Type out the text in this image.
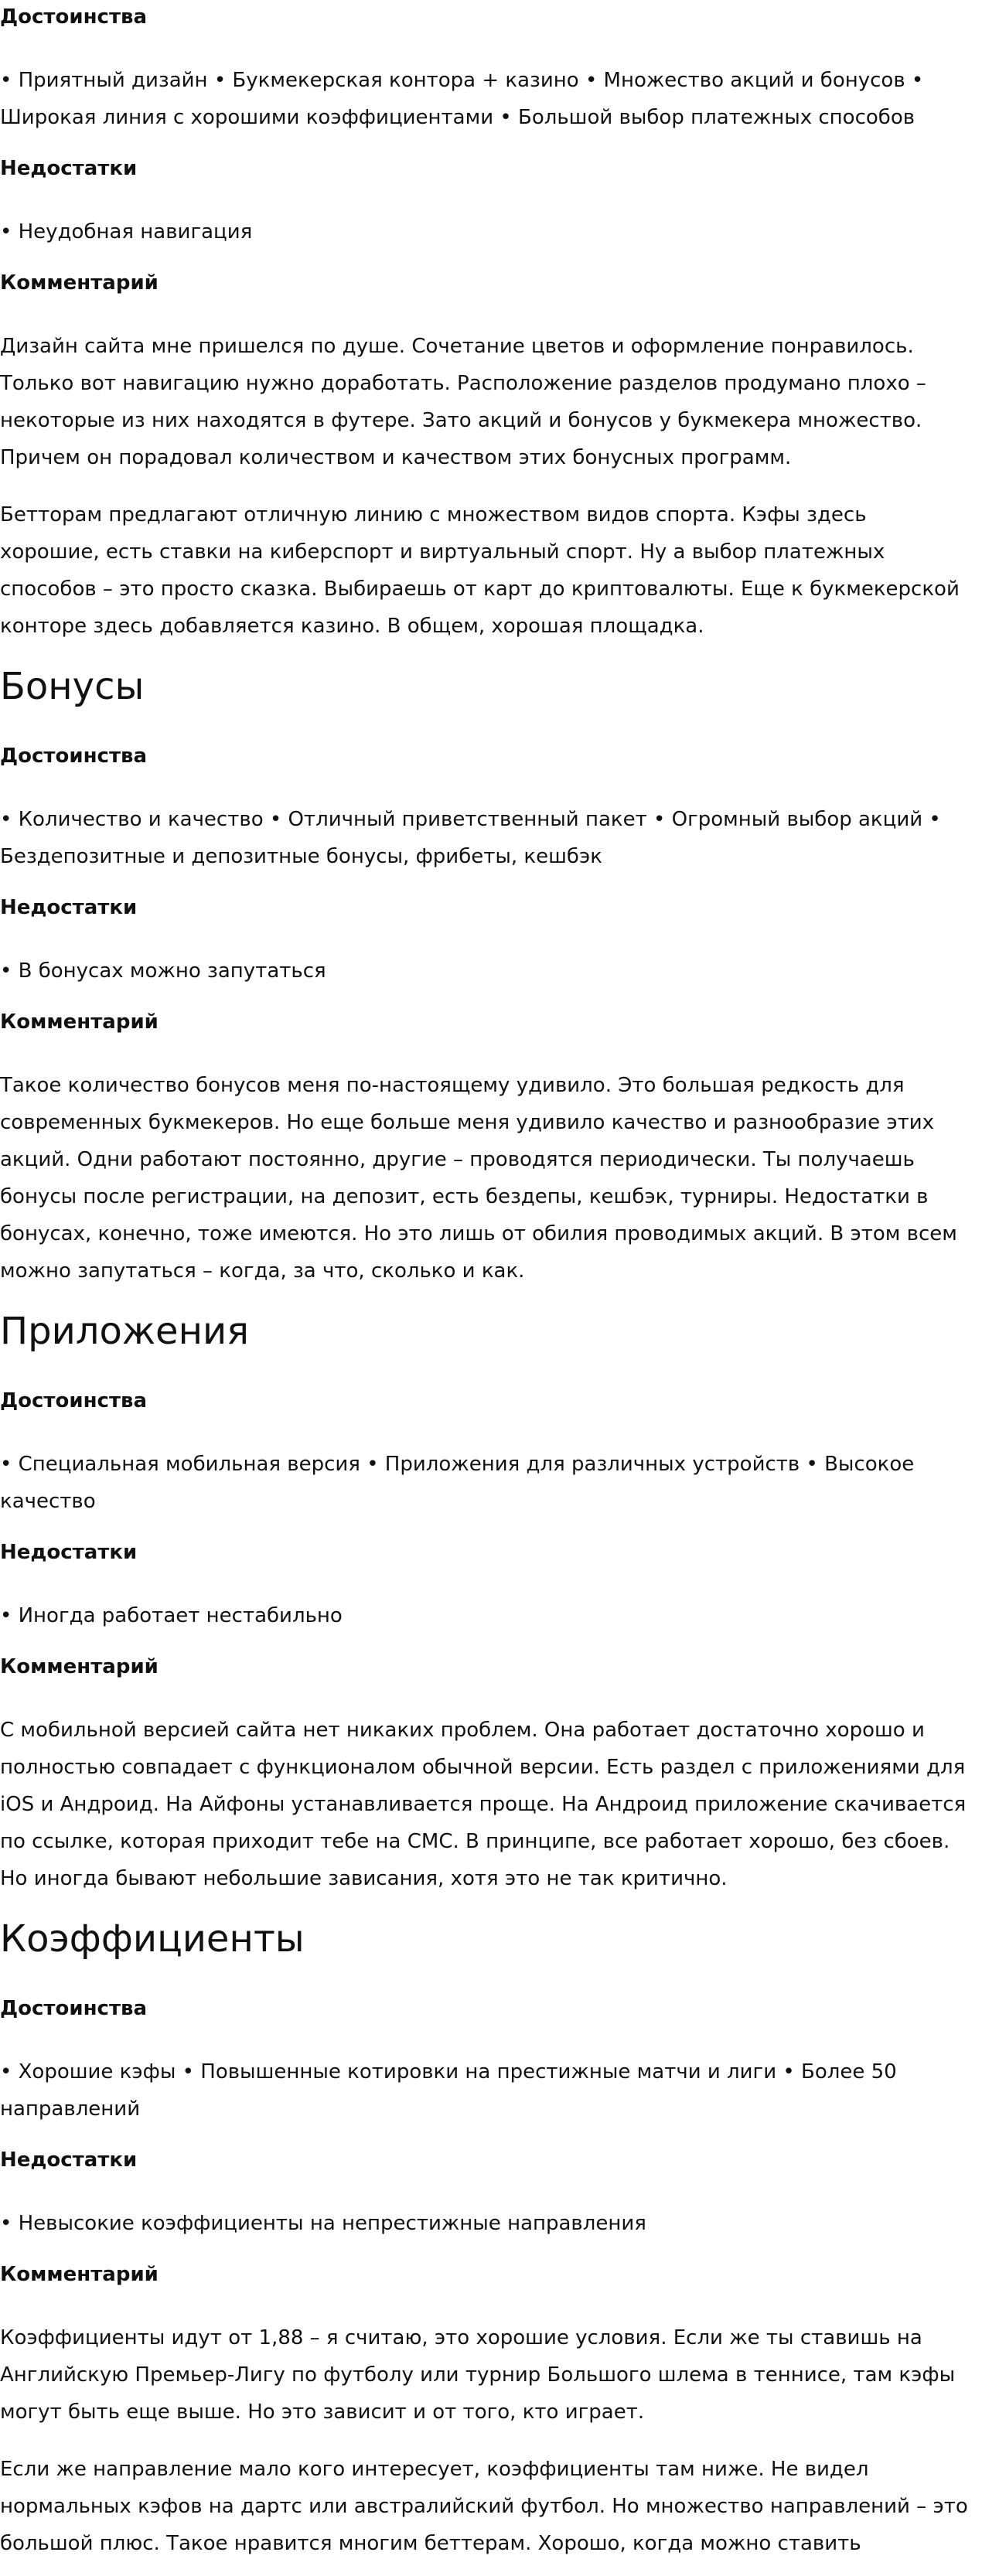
Достоинства

• Приятный дизайн • Букмекерская контора + казино • Множество акций и бонусов • Широкая линия с хорошими коэффициентами • Большой выбор платежных способов

Недостатки

• Неудобная навигация

Комментарий

Дизайн сайта мне пришелся по душе. Сочетание цветов и оформление понравилось. Только вот навигацию нужно доработать. Расположение разделов продумано плохо – некоторые из них находятся в футере. Зато акций и бонусов у букмекера множество. Причем он порадовал количеством и качеством этих бонусных программ.

Бетторам предлагают отличную линию с множеством видов спорта. Кэфы здесь хорошие, есть ставки на киберспорт и виртуальный спорт. Ну а выбор платежных способов – это просто сказка. Выбираешь от карт до криптовалюты. Еще к букмекерской конторе здесь добавляется казино. В общем, хорошая площадка.

Бонусы
Достоинства

• Количество и качество • Отличный приветственный пакет • Огромный выбор акций • Бездепозитные и депозитные бонусы, фрибеты, кешбэк

Недостатки

• В бонусах можно запутаться

Комментарий

Такое количество бонусов меня по-настоящему удивило. Это большая редкость для современных букмекеров. Но еще больше меня удивило качество и разнообразие этих акций. Одни работают постоянно, другие – проводятся периодически. Ты получаешь бонусы после регистрации, на депозит, есть бездепы, кешбэк, турниры. Недостатки в бонусах, конечно, тоже имеются. Но это лишь от обилия проводимых акций. В этом всем можно запутаться – когда, за что, сколько и как.

Приложения
Достоинства

• Специальная мобильная версия • Приложения для различных устройств • Высокое качество

Недостатки

• Иногда работает нестабильно

Комментарий

С мобильной версией сайта нет никаких проблем. Она работает достаточно хорошо и полностью совпадает с функционалом обычной версии. Есть раздел с приложениями для iOS и Андроид. На Айфоны устанавливается проще. На Андроид приложение скачивается по ссылке, которая приходит тебе на СМС. В принципе, все работает хорошо, без сбоев. Но иногда бывают небольшие зависания, хотя это не так критично.

Коэффициенты
Достоинства

• Хорошие кэфы • Повышенные котировки на престижные матчи и лиги • Более 50 направлений

Недостатки

• Невысокие коэффициенты на непрестижные направления

Комментарий

Коэффициенты идут от 1,88 – я считаю, это хорошие условия. Если же ты ставишь на Английскую Премьер-Лигу по футболу или турнир Большого шлема в теннисе, там кэфы могут быть еще выше. Но это зависит и от того, кто играет.

Если же направление мало кого интересует, коэффициенты там ниже. Не видел нормальных кэфов на дартс или австралийский футбол. Но множество направлений – это большой плюс. Такое нравится многим беттерам. Хорошо, когда можно ставить
